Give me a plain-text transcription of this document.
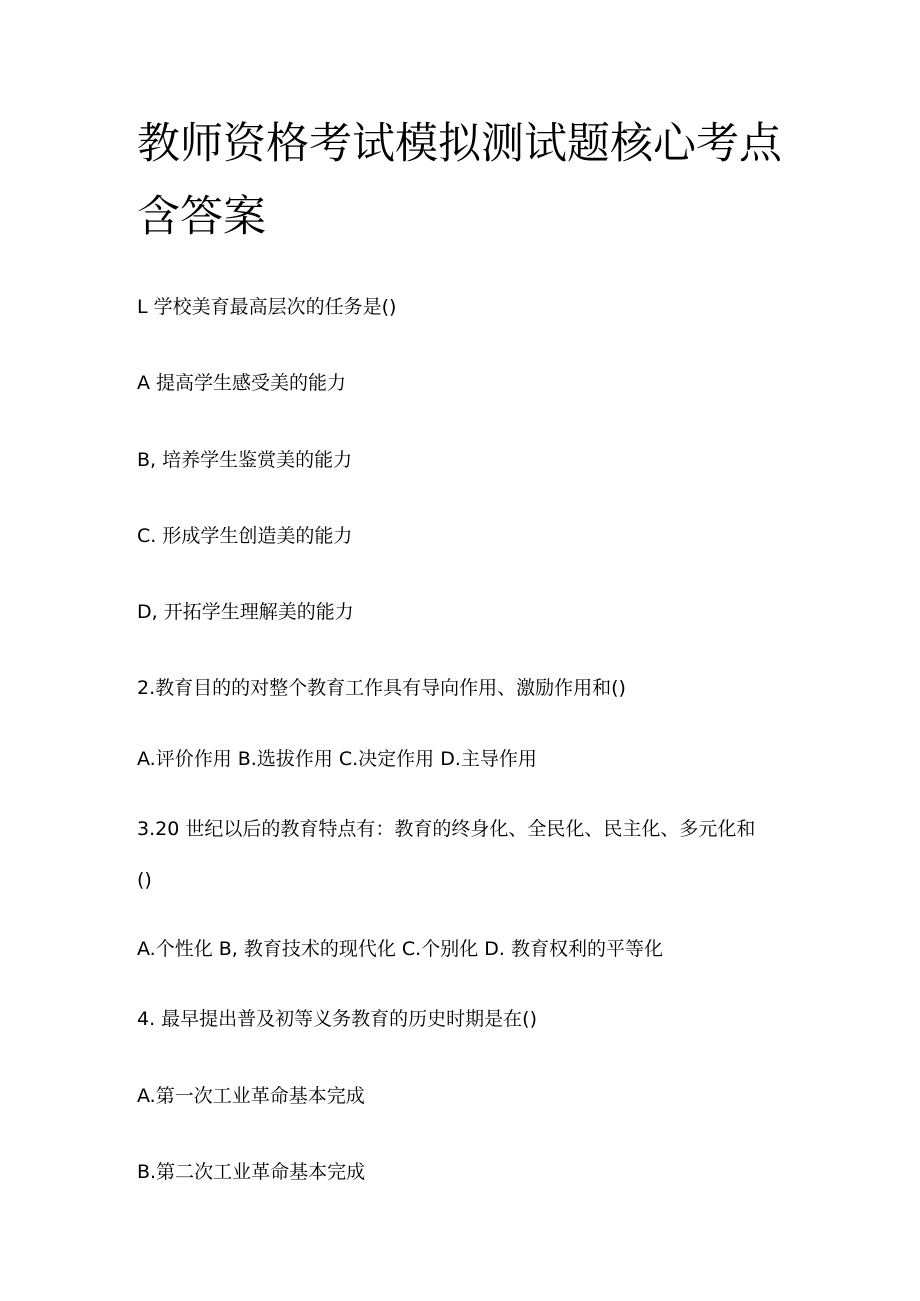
教师资格考试模拟测试题核心考点含答案
L 学校美育最高层次的任务是()
A 提高学生感受美的能力
B, 培养学生鉴赏美的能力
C. 形成学生创造美的能力
D, 开拓学生理解美的能力
2.教育目的的对整个教育工作具有导向作用、激励作用和()
A.评价作用 B.选拔作用 C.决定作用 D.主导作用
3.20 世纪以后的教育特点有：教育的终身化、全民化、民主化、多元化和
()
A.个性化 B, 教育技术的现代化 C.个别化 D. 教育权利的平等化
4. 最早提出普及初等义务教育的历史时期是在()
A.第一次工业革命基本完成
B.第二次工业革命基本完成
